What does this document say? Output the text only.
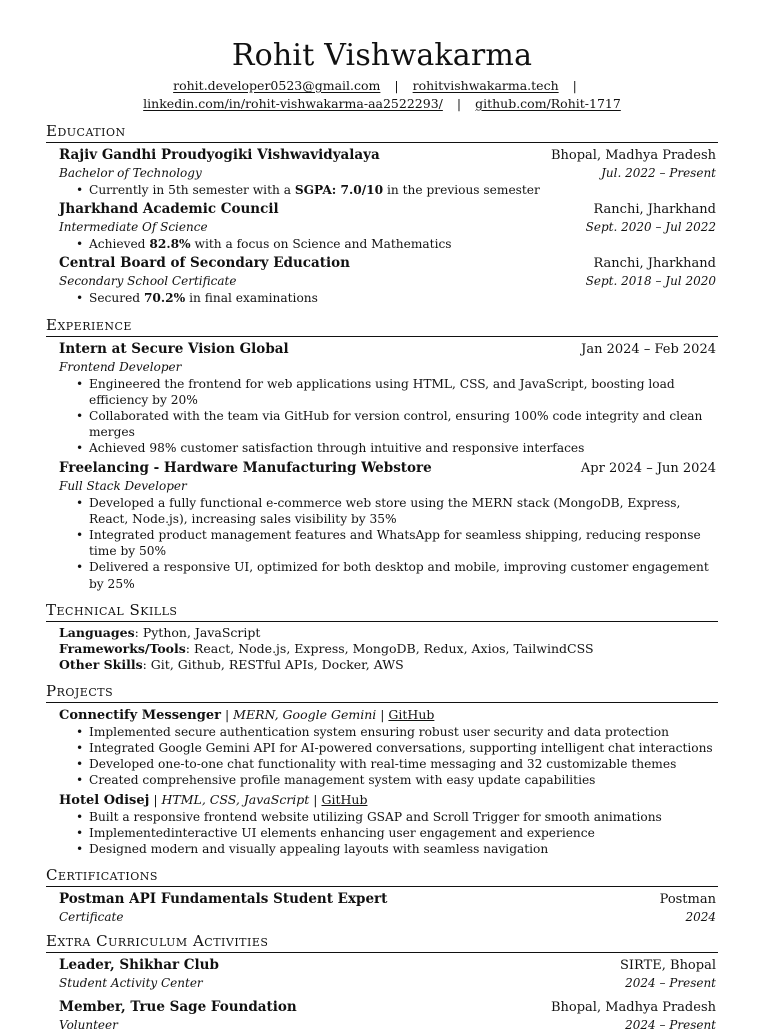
Rohit Vishwakarma
rohit.developer0523@gmail.com | rohitvishwakarma.tech |
linkedin.com/in/rohit-vishwakarma-aa2522293/ | github.com/Rohit-1717
Education
Rajiv Gandhi Proudyogiki Vishwavidyalaya	Bhopal, Madhya Pradesh
Bachelor of Technology	Jul. 2022 – Present
• Currently in 5th semester with a SGPA: 7.0/10 in the previous semester
Jharkhand Academic Council	Ranchi, Jharkhand
Intermediate Of Science	Sept. 2020 – Jul 2022
• Achieved 82.8% with a focus on Science and Mathematics
Central Board of Secondary Education	Ranchi, Jharkhand
Secondary School Certificate	Sept. 2018 – Jul 2020
• Secured 70.2% in final examinations
Experience
Intern at Secure Vision Global	Jan 2024 – Feb 2024
Frontend Developer
• Engineered the frontend for web applications using HTML, CSS, and JavaScript, boosting load efficiency by 20%
• Collaborated with the team via GitHub for version control, ensuring 100% code integrity and clean merges
• Achieved 98% customer satisfaction through intuitive and responsive interfaces
Freelancing - Hardware Manufacturing Webstore	Apr 2024 – Jun 2024
Full Stack Developer
• Developed a fully functional e-commerce web store using the MERN stack (MongoDB, Express, React, Node.js), increasing sales visibility by 35%
• Integrated product management features and WhatsApp for seamless shipping, reducing response time by 50%
• Delivered a responsive UI, optimized for both desktop and mobile, improving customer engagement by 25%
Technical Skills
Languages: Python, JavaScript
Frameworks/Tools: React, Node.js, Express, MongoDB, Redux, Axios, TailwindCSS
Other Skills: Git, Github, RESTful APIs, Docker, AWS
Projects
Connectify Messenger | MERN, Google Gemini | GitHub
• Implemented secure authentication system ensuring robust user security and data protection
• Integrated Google Gemini API for AI-powered conversations, supporting intelligent chat interactions
• Developed one-to-one chat functionality with real-time messaging and 32 customizable themes
• Created comprehensive profile management system with easy update capabilities
Hotel Odisej | HTML, CSS, JavaScript | GitHub
• Built a responsive frontend website utilizing GSAP and Scroll Trigger for smooth animations
• Implementedinteractive UI elements enhancing user engagement and experience
• Designed modern and visually appealing layouts with seamless navigation
Certifications
Postman API Fundamentals Student Expert	Postman
Certificate	2024
Extra Curriculum Activities
Leader, Shikhar Club	SIRTE, Bhopal
Student Activity Center	2024 – Present
Member, True Sage Foundation	Bhopal, Madhya Pradesh
Volunteer	2024 – Present
